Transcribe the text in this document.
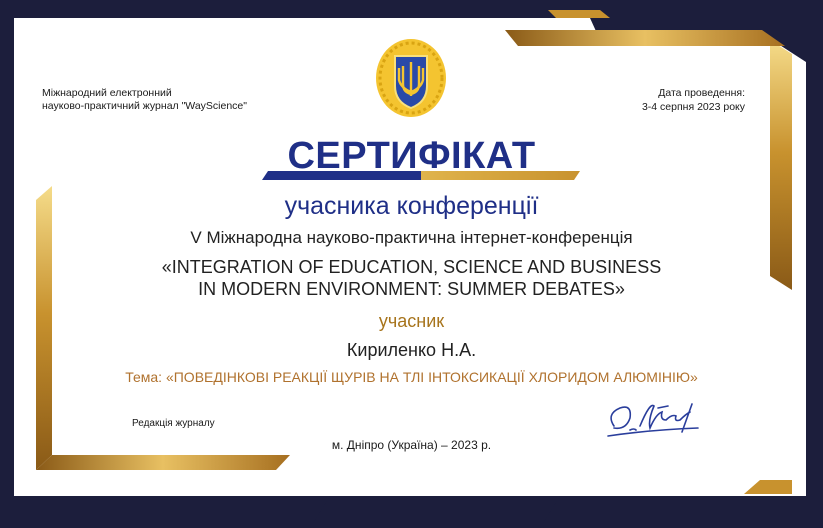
Міжнародний електронний
науково-практичний журнал "WayScience"
Дата проведення:
3-4 серпня 2023 року
СЕРТИФІКАТ
учасника конференції
V Міжнародна науково-практична інтернет-конференція
«INTEGRATION OF EDUCATION, SCIENCE AND BUSINESS
IN MODERN ENVIRONMENT: SUMMER DEBATES»
учасник
Кириленко Н.А.
Тема: «ПОВЕДІНКОВІ РЕАКЦІЇ ЩУРІВ НА ТЛІ ІНТОКСИКАЦІЇ ХЛОРИДОМ АЛЮМІНІЮ»
Редакція журналу
м. Дніпро (Україна) – 2023 р.
